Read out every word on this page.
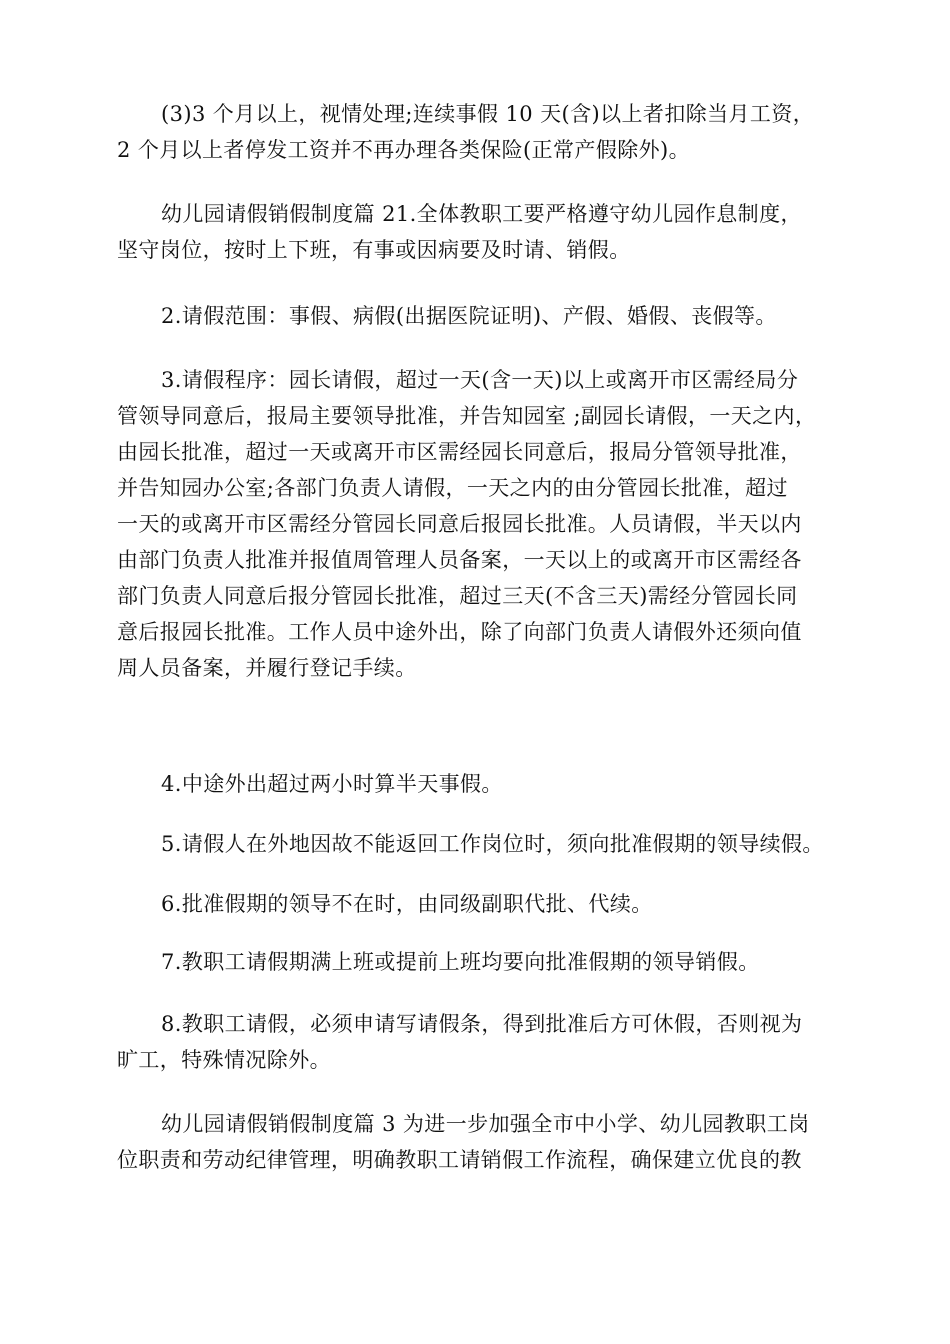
(3)3 个月以上，视情处理;连续事假 10 天(含)以上者扣除当月工资，
2 个月以上者停发工资并不再办理各类保险(正常产假除外)。
幼儿园请假销假制度篇 21.全体教职工要严格遵守幼儿园作息制度，
坚守岗位，按时上下班，有事或因病要及时请、销假。
2.请假范围：事假、病假(出据医院证明)、产假、婚假、丧假等。
3.请假程序：园长请假，超过一天(含一天)以上或离开市区需经局分
管领导同意后，报局主要领导批准，并告知园室 ;副园长请假，一天之内，
由园长批准，超过一天或离开市区需经园长同意后，报局分管领导批准，
并告知园办公室;各部门负责人请假，一天之内的由分管园长批准，超过
一天的或离开市区需经分管园长同意后报园长批准。人员请假，半天以内
由部门负责人批准并报值周管理人员备案，一天以上的或离开市区需经各
部门负责人同意后报分管园长批准，超过三天(不含三天)需经分管园长同
意后报园长批准。工作人员中途外出，除了向部门负责人请假外还须向值
周人员备案，并履行登记手续。
4.中途外出超过两小时算半天事假。
5.请假人在外地因故不能返回工作岗位时，须向批准假期的领导续假。
6.批准假期的领导不在时，由同级副职代批、代续。
7.教职工请假期满上班或提前上班均要向批准假期的领导销假。
8.教职工请假，必须申请写请假条，得到批准后方可休假，否则视为
旷工，特殊情况除外。
幼儿园请假销假制度篇 3 为进一步加强全市中小学、幼儿园教职工岗
位职责和劳动纪律管理，明确教职工请销假工作流程，确保建立优良的教
